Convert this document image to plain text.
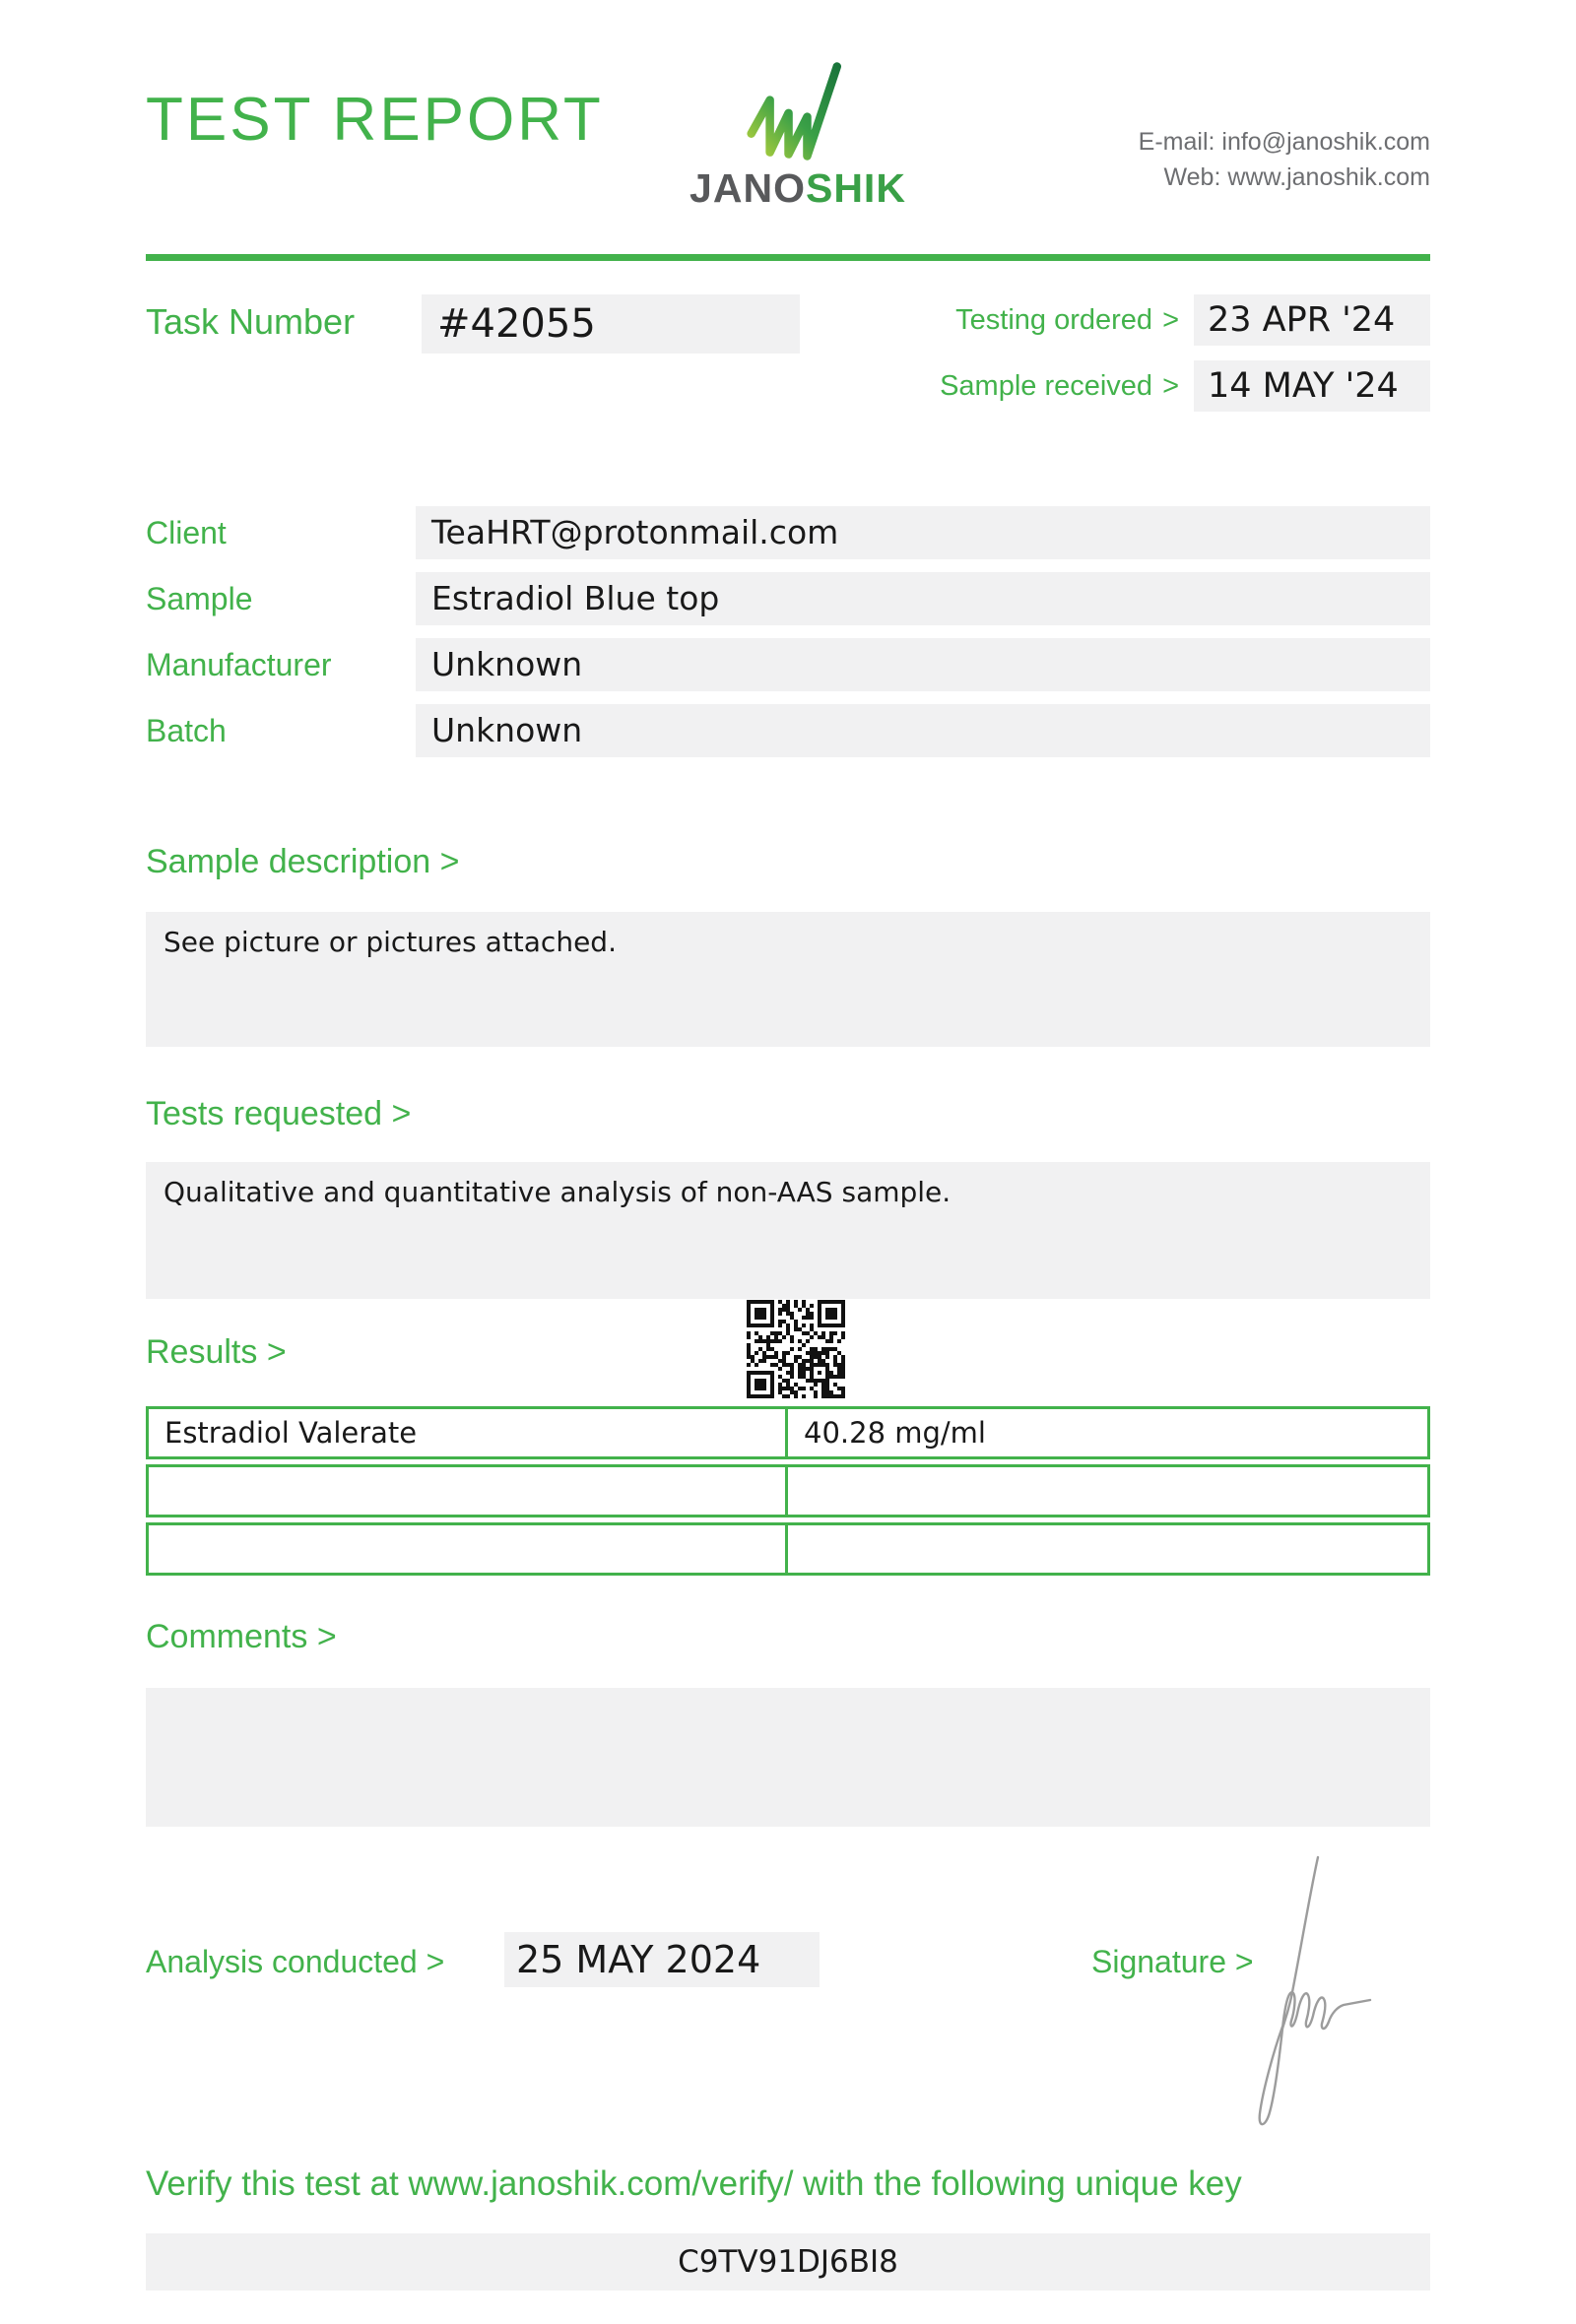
TEST REPORT
JANOSHIK
E-mail: info@janoshik.com
Web: www.janoshik.com
Task Number	#42055	Testing ordered > 23 APR '24
Sample received > 14 MAY '24
Client	TeaHRT@protonmail.com
Sample	Estradiol Blue top
Manufacturer	Unknown
Batch	Unknown
Sample description >
See picture or pictures attached.
Tests requested >
Qualitative and quantitative analysis of non-AAS sample.
Results >
Estradiol Valerate	40.28 mg/ml
Comments >
Analysis conducted >	25 MAY 2024	Signature >
Verify this test at www.janoshik.com/verify/ with the following unique key
C9TV91DJ6BI8
